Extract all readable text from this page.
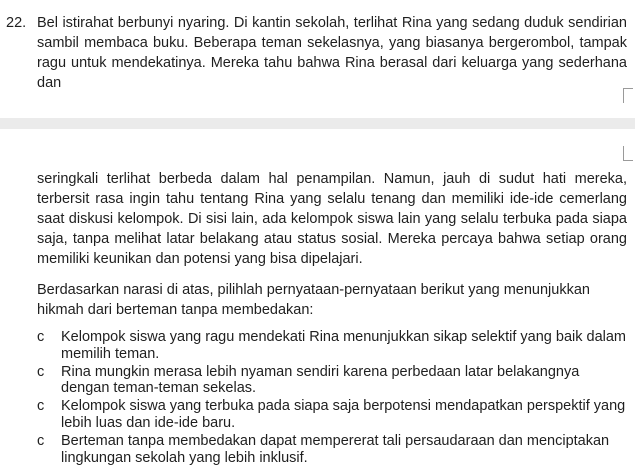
22. Bel istirahat berbunyi nyaring. Di kantin sekolah, terlihat Rina yang sedang duduk sendirian sambil membaca buku. Beberapa teman sekelasnya, yang biasanya bergerombol, tampak ragu untuk mendekatinya. Mereka tahu bahwa Rina berasal dari keluarga yang sederhana dan

seringkali terlihat berbeda dalam hal penampilan. Namun, jauh di sudut hati mereka, terbersit rasa ingin tahu tentang Rina yang selalu tenang dan memiliki ide-ide cemerlang saat diskusi kelompok. Di sisi lain, ada kelompok siswa lain yang selalu terbuka pada siapa saja, tanpa melihat latar belakang atau status sosial. Mereka percaya bahwa setiap orang memiliki keunikan dan potensi yang bisa dipelajari.

Berdasarkan narasi di atas, pilihlah pernyataan-pernyataan berikut yang menunjukkan hikmah dari berteman tanpa membedakan:

c	Kelompok siswa yang ragu mendekati Rina menunjukkan sikap selektif yang baik dalam memilih teman.
c	Rina mungkin merasa lebih nyaman sendiri karena perbedaan latar belakangnya dengan teman-teman sekelas.
c	Kelompok siswa yang terbuka pada siapa saja berpotensi mendapatkan perspektif yang lebih luas dan ide-ide baru.
c	Berteman tanpa membedakan dapat mempererat tali persaudaraan dan menciptakan lingkungan sekolah yang lebih inklusif.
